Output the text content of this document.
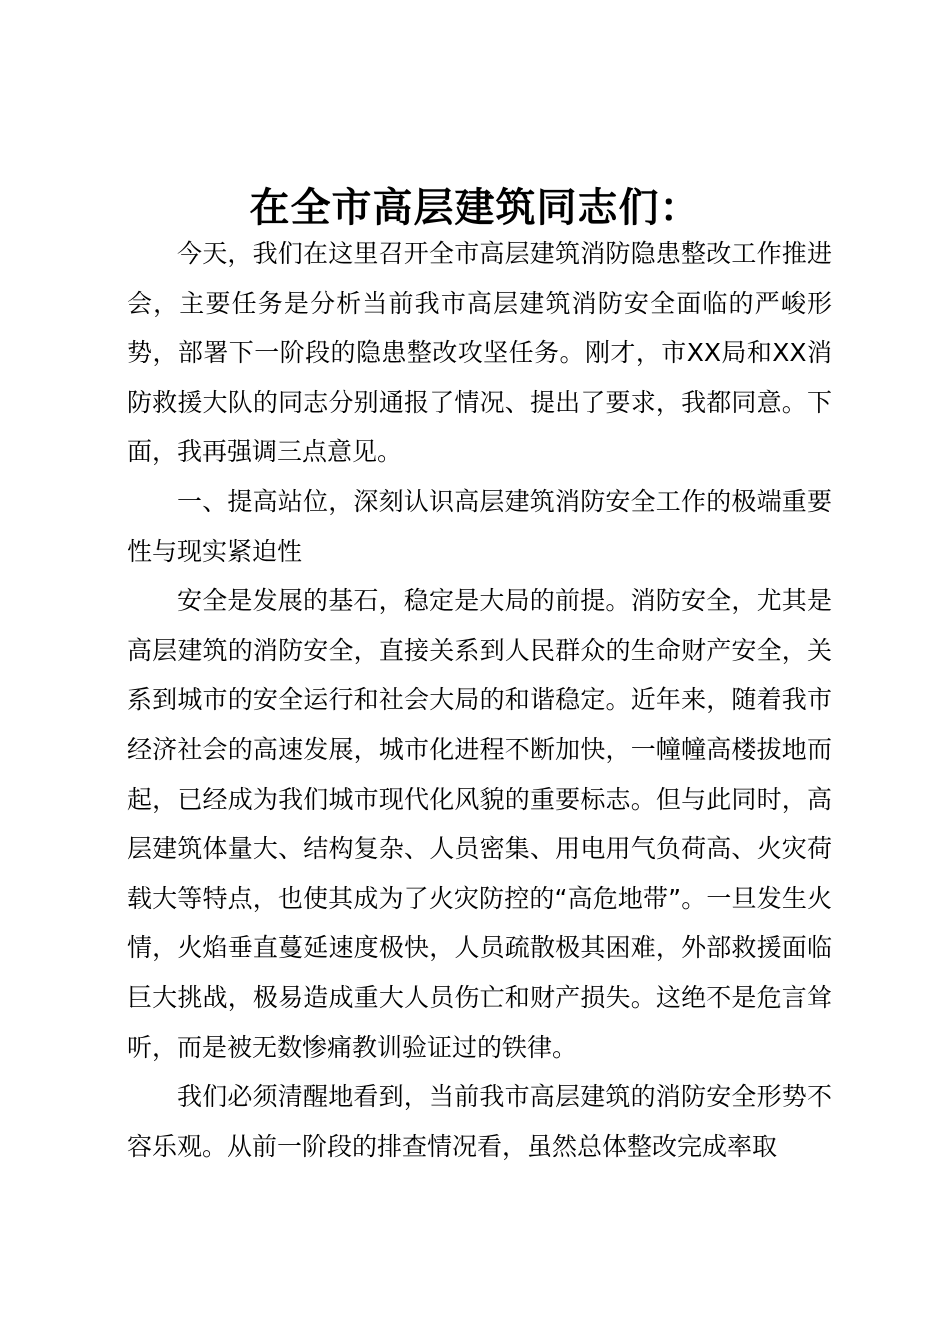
在全市高层建筑同志们：

今天，我们在这里召开全市高层建筑消防隐患整改工作推进会，主要任务是分析当前我市高层建筑消防安全面临的严峻形势，部署下一阶段的隐患整改攻坚任务。刚才，市XX局和XX消防救援大队的同志分别通报了情况、提出了要求，我都同意。下面，我再强调三点意见。

一、提高站位，深刻认识高层建筑消防安全工作的极端重要性与现实紧迫性

安全是发展的基石，稳定是大局的前提。消防安全，尤其是高层建筑的消防安全，直接关系到人民群众的生命财产安全，关系到城市的安全运行和社会大局的和谐稳定。近年来，随着我市经济社会的高速发展，城市化进程不断加快，一幢幢高楼拔地而起，已经成为我们城市现代化风貌的重要标志。但与此同时，高层建筑体量大、结构复杂、人员密集、用电用气负荷高、火灾荷载大等特点，也使其成为了火灾防控的“高危地带”。一旦发生火情，火焰垂直蔓延速度极快，人员疏散极其困难，外部救援面临巨大挑战，极易造成重大人员伤亡和财产损失。这绝不是危言耸听，而是被无数惨痛教训验证过的铁律。

我们必须清醒地看到，当前我市高层建筑的消防安全形势不容乐观。从前一阶段的排查情况看，虽然总体整改完成率取
